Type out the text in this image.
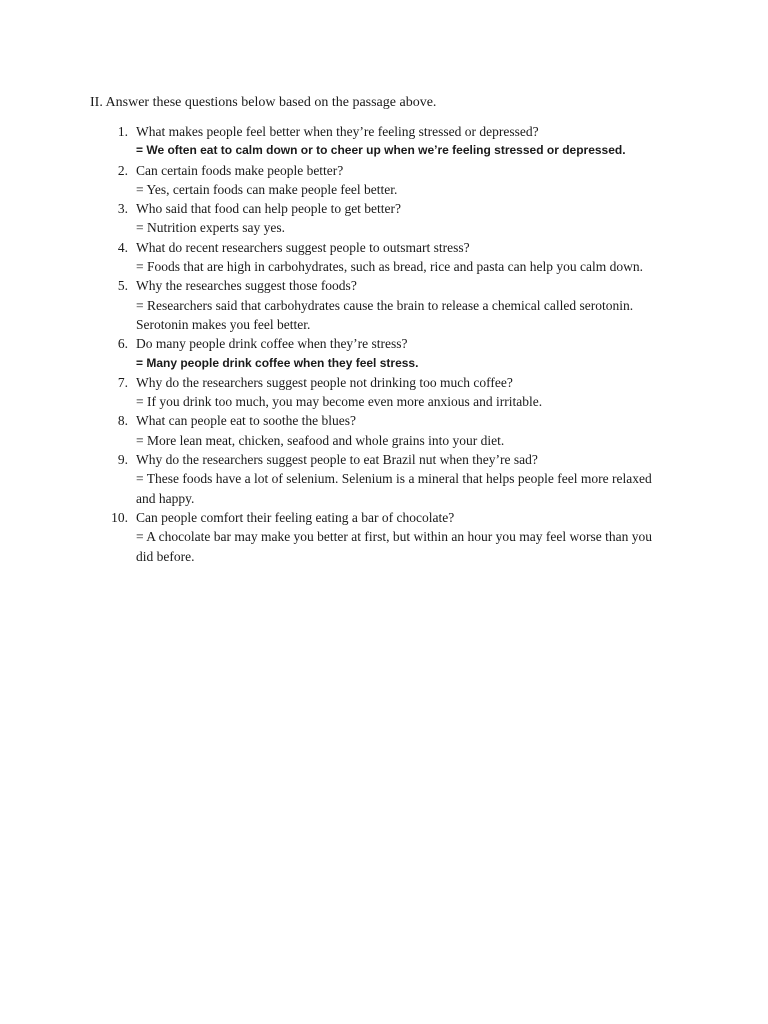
II. Answer these questions below based on the passage above.
1. What makes people feel better when they’re feeling stressed or depressed?
= We often eat to calm down or to cheer up when we’re feeling stressed or depressed.
2. Can certain foods make people better?
= Yes, certain foods can make people feel better.
3. Who said that food can help people to get better?
= Nutrition experts say yes.
4. What do recent researchers suggest people to outsmart stress?
= Foods that are high in carbohydrates, such as bread, rice and pasta can help you calm down.
5. Why the researches suggest those foods?
= Researchers said that carbohydrates cause the brain to release a chemical called serotonin. Serotonin makes you feel better.
6. Do many people drink coffee when they’re stress?
= Many people drink coffee when they feel stress.
7. Why do the researchers suggest people not drinking too much coffee?
= If you drink too much, you may become even more anxious and irritable.
8. What can people eat to soothe the blues?
= More lean meat, chicken, seafood and whole grains into your diet.
9. Why do the researchers suggest people to eat Brazil nut when they’re sad?
= These foods have a lot of selenium. Selenium is a mineral that helps people feel more relaxed and happy.
10. Can people comfort their feeling eating a bar of chocolate?
= A chocolate bar may make you better at first, but within an hour you may feel worse than you did before.
